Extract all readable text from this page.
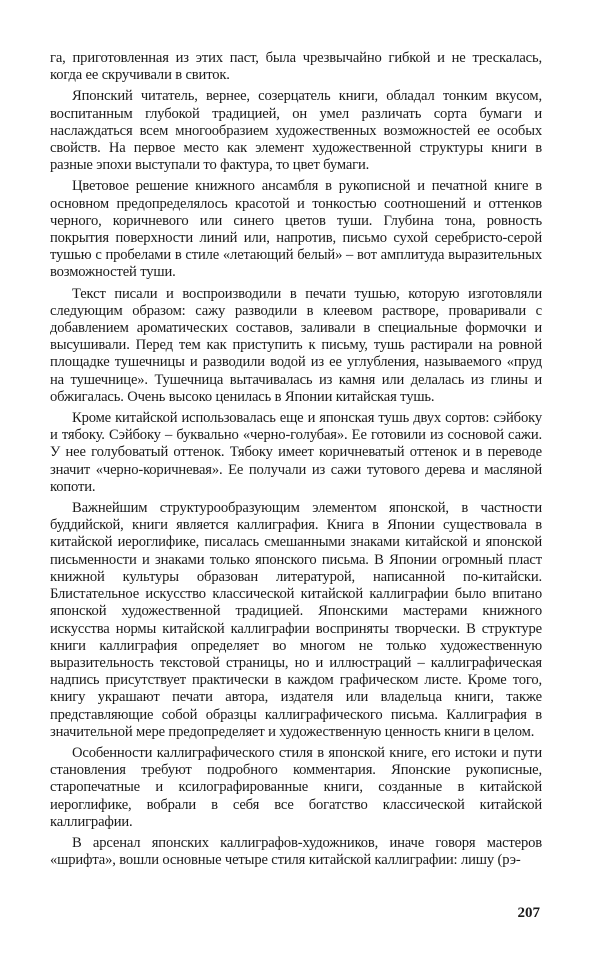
га, приготовленная из этих паст, была чрезвычайно гибкой и не трескалась, когда ее скручивали в свиток.

Японский читатель, вернее, созерцатель книги, обладал тонким вкусом, воспитанным глубокой традицией, он умел различать сорта бумаги и наслаждаться всем многообразием художественных возможностей ее особых свойств. На первое место как элемент художественной структуры книги в разные эпохи выступали то фактура, то цвет бумаги.

Цветовое решение книжного ансамбля в рукописной и печатной книге в основном предопределялось красотой и тонкостью соотношений и оттенков черного, коричневого или синего цветов туши. Глубина тона, ровность покрытия поверхности линий или, напротив, письмо сухой серебристо-серой тушью с пробелами в стиле «летающий белый» – вот амплитуда выразительных возможностей туши.

Текст писали и воспроизводили в печати тушью, которую изготовляли следующим образом: сажу разводили в клеевом растворе, проваривали с добавлением ароматических составов, заливали в специальные формочки и высушивали. Перед тем как приступить к письму, тушь растирали на ровной площадке тушечницы и разводили водой из ее углубления, называемого «пруд на тушечнице». Тушечница вытачивалась из камня или делалась из глины и обжигалась. Очень высоко ценилась в Японии китайская тушь.

Кроме китайской использовалась еще и японская тушь двух сортов: сэйбоку и тябоку. Сэйбоку – буквально «черно-голубая». Ее готовили из сосновой сажи. У нее голубоватый оттенок. Тябоку имеет коричневатый оттенок и в переводе значит «черно-коричневая». Ее получали из сажи тутового дерева и масляной копоти.

Важнейшим структурообразующим элементом японской, в частности буддийской, книги является каллиграфия. Книга в Японии существовала в китайской иероглифике, писалась смешанными знаками китайской и японской письменности и знаками только японского письма. В Японии огромный пласт книжной культуры образован литературой, написанной по-китайски. Блистательное искусство классической китайской каллиграфии было впитано японской художественной традицией. Японскими мастерами книжного искусства нормы китайской каллиграфии восприняты творчески. В структуре книги каллиграфия определяет во многом не только художественную выразительность текстовой страницы, но и иллюстраций – каллиграфическая надпись присутствует практически в каждом графическом листе. Кроме того, книгу украшают печати автора, издателя или владельца книги, также представляющие собой образцы каллиграфического письма. Каллиграфия в значительной мере предопределяет и художественную ценность книги в целом.

Особенности каллиграфического стиля в японской книге, его истоки и пути становления требуют подробного комментария. Японские рукописные, старопечатные и ксилографированные книги, созданные в китайской иероглифике, вобрали в себя все богатство классической китайской каллиграфии.

В арсенал японских каллиграфов-художников, иначе говоря мастеров «шрифта», вошли основные четыре стиля китайской каллиграфии: лишу (рэ-

207
